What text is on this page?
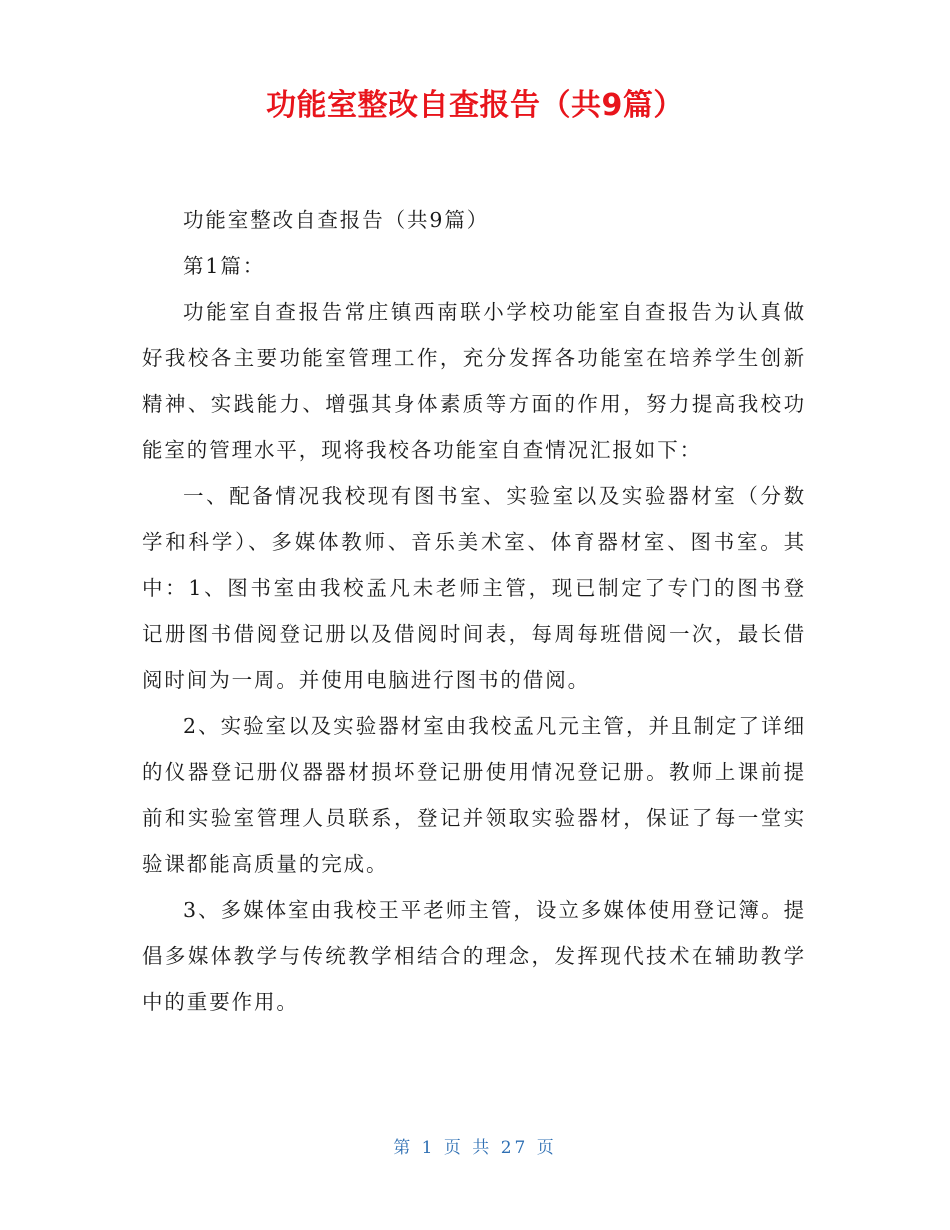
功能室整改自查报告（共9篇）

功能室整改自查报告（共9篇）

第1篇：

功能室自查报告常庄镇西南联小学校功能室自查报告为认真做好我校各主要功能室管理工作，充分发挥各功能室在培养学生创新精神、实践能力、增强其身体素质等方面的作用，努力提高我校功能室的管理水平，现将我校各功能室自查情况汇报如下：

一、配备情况我校现有图书室、实验室以及实验器材室（分数学和科学）、多媒体教师、音乐美术室、体育器材室、图书室。其中：1、图书室由我校孟凡未老师主管，现已制定了专门的图书登记册图书借阅登记册以及借阅时间表，每周每班借阅一次，最长借阅时间为一周。并使用电脑进行图书的借阅。

2、实验室以及实验器材室由我校孟凡元主管，并且制定了详细的仪器登记册仪器器材损坏登记册使用情况登记册。教师上课前提前和实验室管理人员联系，登记并领取实验器材，保证了每一堂实验课都能高质量的完成。

3、多媒体室由我校王平老师主管，设立多媒体使用登记簿。提倡多媒体教学与传统教学相结合的理念，发挥现代技术在辅助教学中的重要作用。

第 1 页 共 27 页
